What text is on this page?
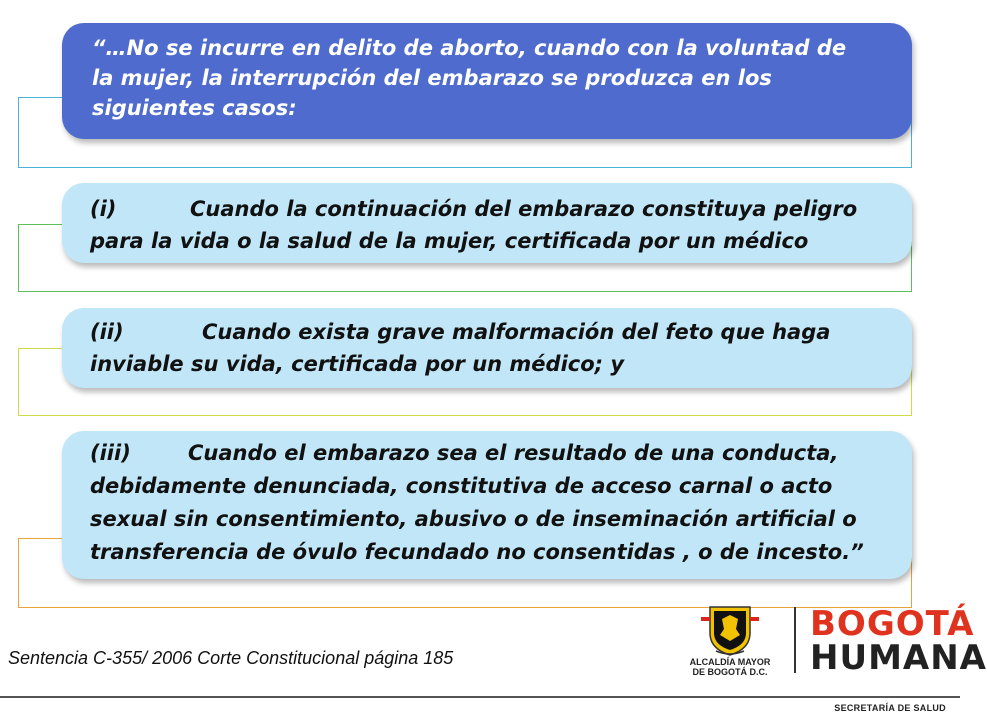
“…No se incurre en delito de aborto, cuando con la voluntad de
la mujer, la interrupción del embarazo se produzca en los
siguientes casos:
(i)	Cuando la continuación del embarazo constituya peligro
para la vida o la salud de la mujer, certificada por un médico
(ii)	Cuando exista grave malformación del feto que haga
inviable su vida, certificada por un médico; y
(iii)	Cuando el embarazo sea el resultado de una conducta,
debidamente denunciada, constitutiva de acceso carnal o acto
sexual sin consentimiento, abusivo o de inseminación artificial o
transferencia de óvulo fecundado no consentidas , o de incesto.”
Sentencia C-355/ 2006 Corte Constitucional página 185	ALCALDÍA MAYOR
DE BOGOTÁ D.C.
BOGOTÁ
HUMANA
SECRETARÍA DE SALUD
